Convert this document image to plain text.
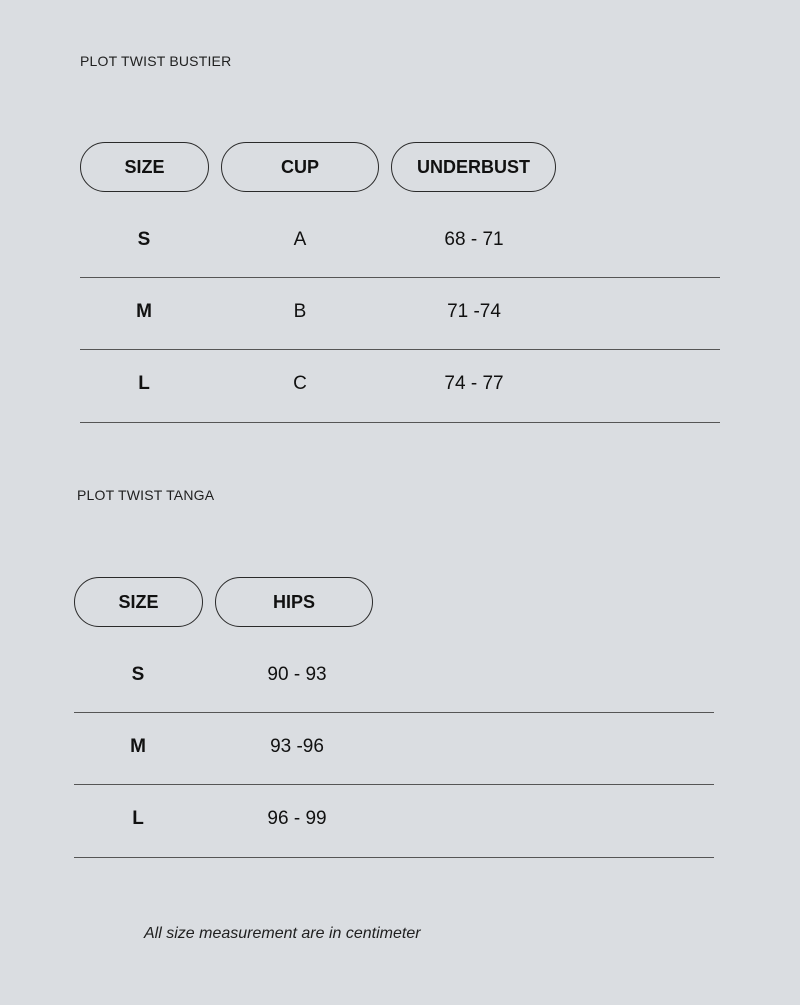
PLOT TWIST BUSTIER
SIZE	CUP	UNDERBUST
S	A	68 - 71
M	B	71 -74
L	C	74 - 77
PLOT TWIST TANGA
SIZE	HIPS
S	90 - 93
M	93 -96
L	96 - 99
All size measurement are in centimeter
